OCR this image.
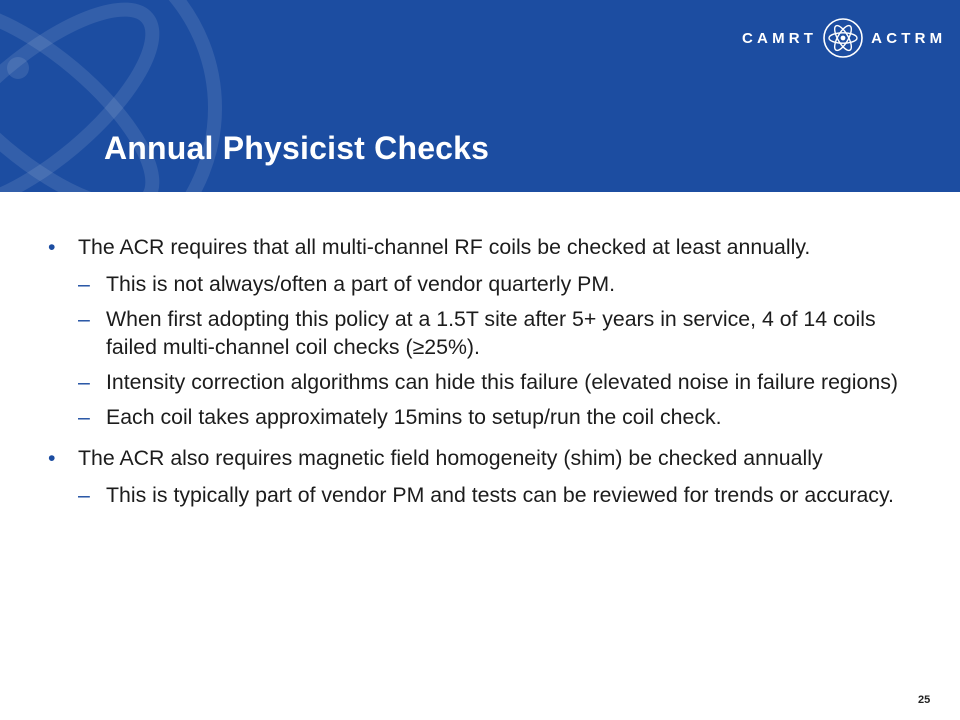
CAMRT	ACTRM
Annual Physicist Checks
• The ACR requires that all multi-channel RF coils be checked at least annually.
– This is not always/often a part of vendor quarterly PM.
– When first adopting this policy at a 1.5T site after 5+ years in service, 4 of 14 coils failed multi-channel coil checks (≥25%).
– Intensity correction algorithms can hide this failure (elevated noise in failure regions)
– Each coil takes approximately 15mins to setup/run the coil check.
• The ACR also requires magnetic field homogeneity (shim) be checked annually
– This is typically part of vendor PM and tests can be reviewed for trends or accuracy.
25
